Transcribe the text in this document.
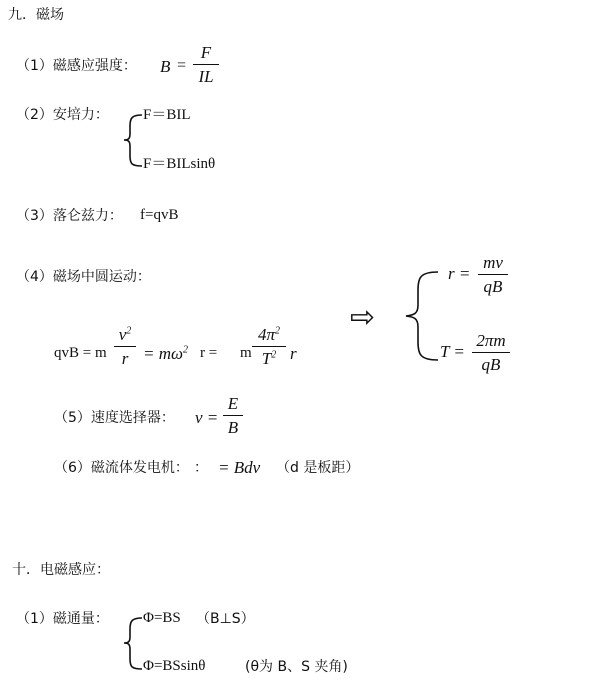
九．磁场
（1）磁感应强度： B =
F
IL
（2）安培力： F＝BIL
F＝BILsinθ
（3）落仑兹力： f=qvB
（4）磁场中圆运动：
qvB = m
$v^2$
$r = m\omega^2$ r = m
$4\pi^2$
$T^2$ r
⇨
r =
mv
qB
T =
2πm
qB
（5）速度选择器： v =
E
B
（6）磁流体发电机： ： = Bdv （d 是板距）
十．电磁感应：
（1）磁通量： Φ=BS （B⊥S）
Φ=BSsinθ	(θ为 B、S 夹角)
